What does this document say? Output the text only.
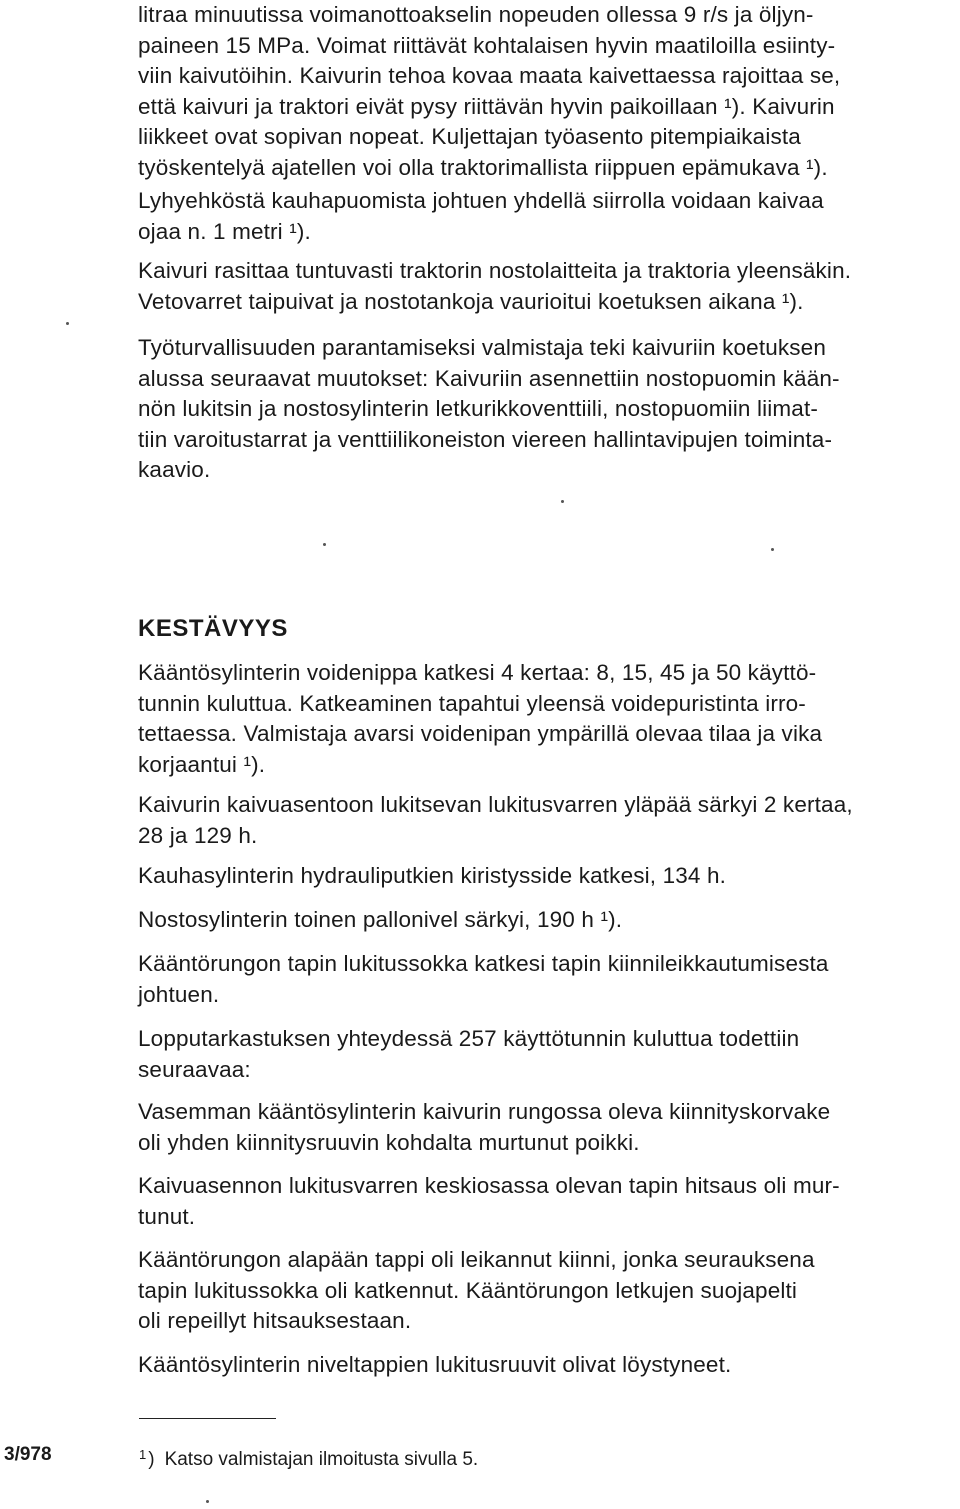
litraa minuutissa voimanottoakselin nopeuden ollessa 9 r/s ja öljyn-

paineen 15 MPa. Voimat riittävät kohtalaisen hyvin maatiloilla esiinty-

viin kaivutöihin. Kaivurin tehoa kovaa maata kaivettaessa rajoittaa se,

että kaivuri ja traktori eivät pysy riittävän hyvin paikoillaan ¹). Kaivurin

liikkeet ovat sopivan nopeat. Kuljettajan työasento pitempiaikaista

työskentelyä ajatellen voi olla traktorimallista riippuen epämukava ¹).

Lyhyehköstä kauhapuomista johtuen yhdellä siirrolla voidaan kaivaa

ojaa n. 1 metri ¹).

Kaivuri rasittaa tuntuvasti traktorin nostolaitteita ja traktoria yleensäkin.

Vetovarret taipuivat ja nostotankoja vaurioitui koetuksen aikana ¹).

Työturvallisuuden parantamiseksi valmistaja teki kaivuriin koetuksen

alussa seuraavat muutokset: Kaivuriin asennettiin nostopuomin kään-

nön lukitsin ja nostosylinterin letkurikkoventtiili, nostopuomiin liimat-

tiin varoitustarrat ja venttiilikoneiston viereen hallintavipujen toiminta-

kaavio.

KESTÄVYYS

Kääntösylinterin voidenippa katkesi 4 kertaa: 8, 15, 45 ja 50 käyttö-

tunnin kuluttua. Katkeaminen tapahtui yleensä voidepuristinta irro-

tettaessa. Valmistaja avarsi voidenipan ympärillä olevaa tilaa ja vika

korjaantui ¹).

Kaivurin kaivuasentoon lukitsevan lukitusvarren yläpää särkyi 2 kertaa,

28 ja 129 h.

Kauhasylinterin hydrauliputkien kiristysside katkesi, 134 h.

Nostosylinterin toinen pallonivel särkyi, 190 h ¹).

Kääntörungon tapin lukitussokka katkesi tapin kiinnileikkautumisesta

johtuen.

Lopputarkastuksen yhteydessä 257 käyttötunnin kuluttua todettiin

seuraavaa:

Vasemman kääntösylinterin kaivurin rungossa oleva kiinnityskorvake

oli yhden kiinnitysruuvin kohdalta murtunut poikki.

Kaivuasennon lukitusvarren keskiosassa olevan tapin hitsaus oli mur-

tunut.

Kääntörungon alapään tappi oli leikannut kiinni, jonka seurauksena

tapin lukitussokka oli katkennut. Kääntörungon letkujen suojapelti

oli repeillyt hitsauksestaan.

Kääntösylinterin niveltappien lukitusruuvit olivat löystyneet.

3/978	$^1$ ) Katso valmistajan ilmoitusta sivulla 5.
